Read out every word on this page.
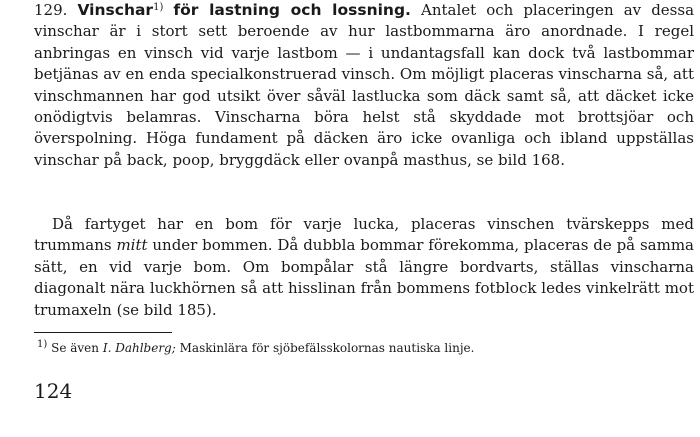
129. Vinschar$^{1)}$ för lastning och lossning. Antalet och placeringen av dessa vinschar är i stort sett beroende av hur lastbommarna äro anordnade. I regel anbringas en vinsch vid varje lastbom — i undantagsfall kan dock två lastbommar betjänas av en enda specialkonstruerad vinsch. Om möjligt placeras vinscharna så, att vinschmannen har god utsikt över såväl lastlucka som däck samt så, att däcket icke onödigtvis belamras. Vinscharna böra helst stå skyddade mot brottsjöar och överspolning. Höga fundament på däcken äro icke ovanliga och ibland uppställas vinschar på back, poop, bryggdäck eller ovanpå masthus, se bild 168.

Då fartyget har en bom för varje lucka, placeras vinschen tvärskepps med trummans mitt under bommen. Då dubbla bommar förekomma, placeras de på samma sätt, en vid varje bom. Om bompålar stå längre bordvarts, ställas vinscharna diagonalt nära luckhörnen så att hisslinan från bommens fotblock ledes vinkelrätt mot trumaxeln (se bild 185).

$^{1)}$ Se även I. Dahlberg; Maskinlära för sjöbefälsskolornas nautiska linje.

124
